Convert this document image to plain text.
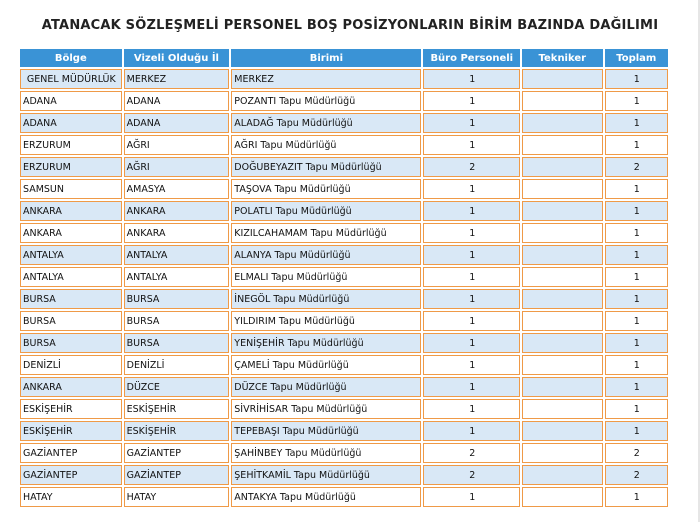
ATANACAK SÖZLEŞMELİ PERSONEL BOŞ POSİZYONLARIN BİRİM BAZINDA DAĞILIMI
Bölge	Vizeli Olduğu İl	Birimi	Büro Personeli	Tekniker	Toplam
GENEL MÜDÜRLÜK	MERKEZ	MERKEZ	1		1
ADANA	ADANA	POZANTI Tapu Müdürlüğü	1		1
ADANA	ADANA	ALADAĞ Tapu Müdürlüğü	1		1
ERZURUM	AĞRI	AĞRI Tapu Müdürlüğü	1		1
ERZURUM	AĞRI	DOĞUBEYAZIT Tapu Müdürlüğü	2		2
SAMSUN	AMASYA	TAŞOVA Tapu Müdürlüğü	1		1
ANKARA	ANKARA	POLATLI Tapu Müdürlüğü	1		1
ANKARA	ANKARA	KIZILCAHAMAM Tapu Müdürlüğü	1		1
ANTALYA	ANTALYA	ALANYA Tapu Müdürlüğü	1		1
ANTALYA	ANTALYA	ELMALI Tapu Müdürlüğü	1		1
BURSA	BURSA	İNEGÖL Tapu Müdürlüğü	1		1
BURSA	BURSA	YILDIRIM Tapu Müdürlüğü	1		1
BURSA	BURSA	YENİŞEHİR Tapu Müdürlüğü	1		1
DENİZLİ	DENİZLİ	ÇAMELİ Tapu Müdürlüğü	1		1
ANKARA	DÜZCE	DÜZCE Tapu Müdürlüğü	1		1
ESKİŞEHİR	ESKİŞEHİR	SİVRİHİSAR Tapu Müdürlüğü	1		1
ESKİŞEHİR	ESKİŞEHİR	TEPEBAŞI Tapu Müdürlüğü	1		1
GAZİANTEP	GAZİANTEP	ŞAHİNBEY Tapu Müdürlüğü	2		2
GAZİANTEP	GAZİANTEP	ŞEHİTKAMİL Tapu Müdürlüğü	2		2
HATAY	HATAY	ANTAKYA Tapu Müdürlüğü	1		1
